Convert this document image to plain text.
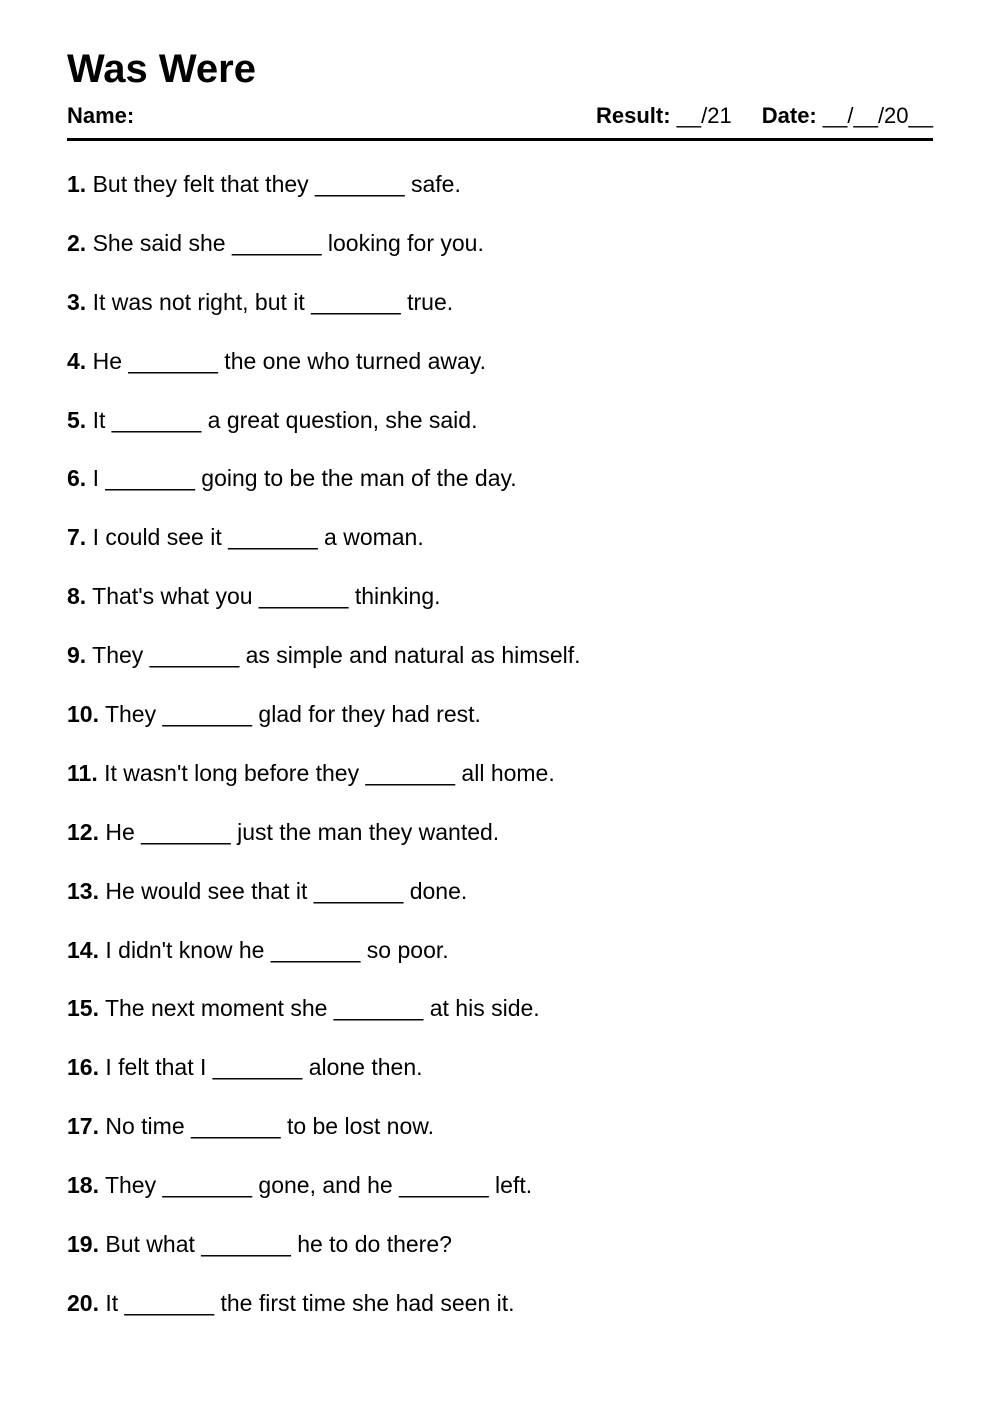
Was Were
Name:	Result: __/21 Date: __/__/20__
1. But they felt that they _______ safe.
2. She said she _______ looking for you.
3. It was not right, but it _______ true.
4. He _______ the one who turned away.
5. It _______ a great question, she said.
6. I _______ going to be the man of the day.
7. I could see it _______ a woman.
8. That's what you _______ thinking.
9. They _______ as simple and natural as himself.
10. They _______ glad for they had rest.
11. It wasn't long before they _______ all home.
12. He _______ just the man they wanted.
13. He would see that it _______ done.
14. I didn't know he _______ so poor.
15. The next moment she _______ at his side.
16. I felt that I _______ alone then.
17. No time _______ to be lost now.
18. They _______ gone, and he _______ left.
19. But what _______ he to do there?
20. It _______ the first time she had seen it.
